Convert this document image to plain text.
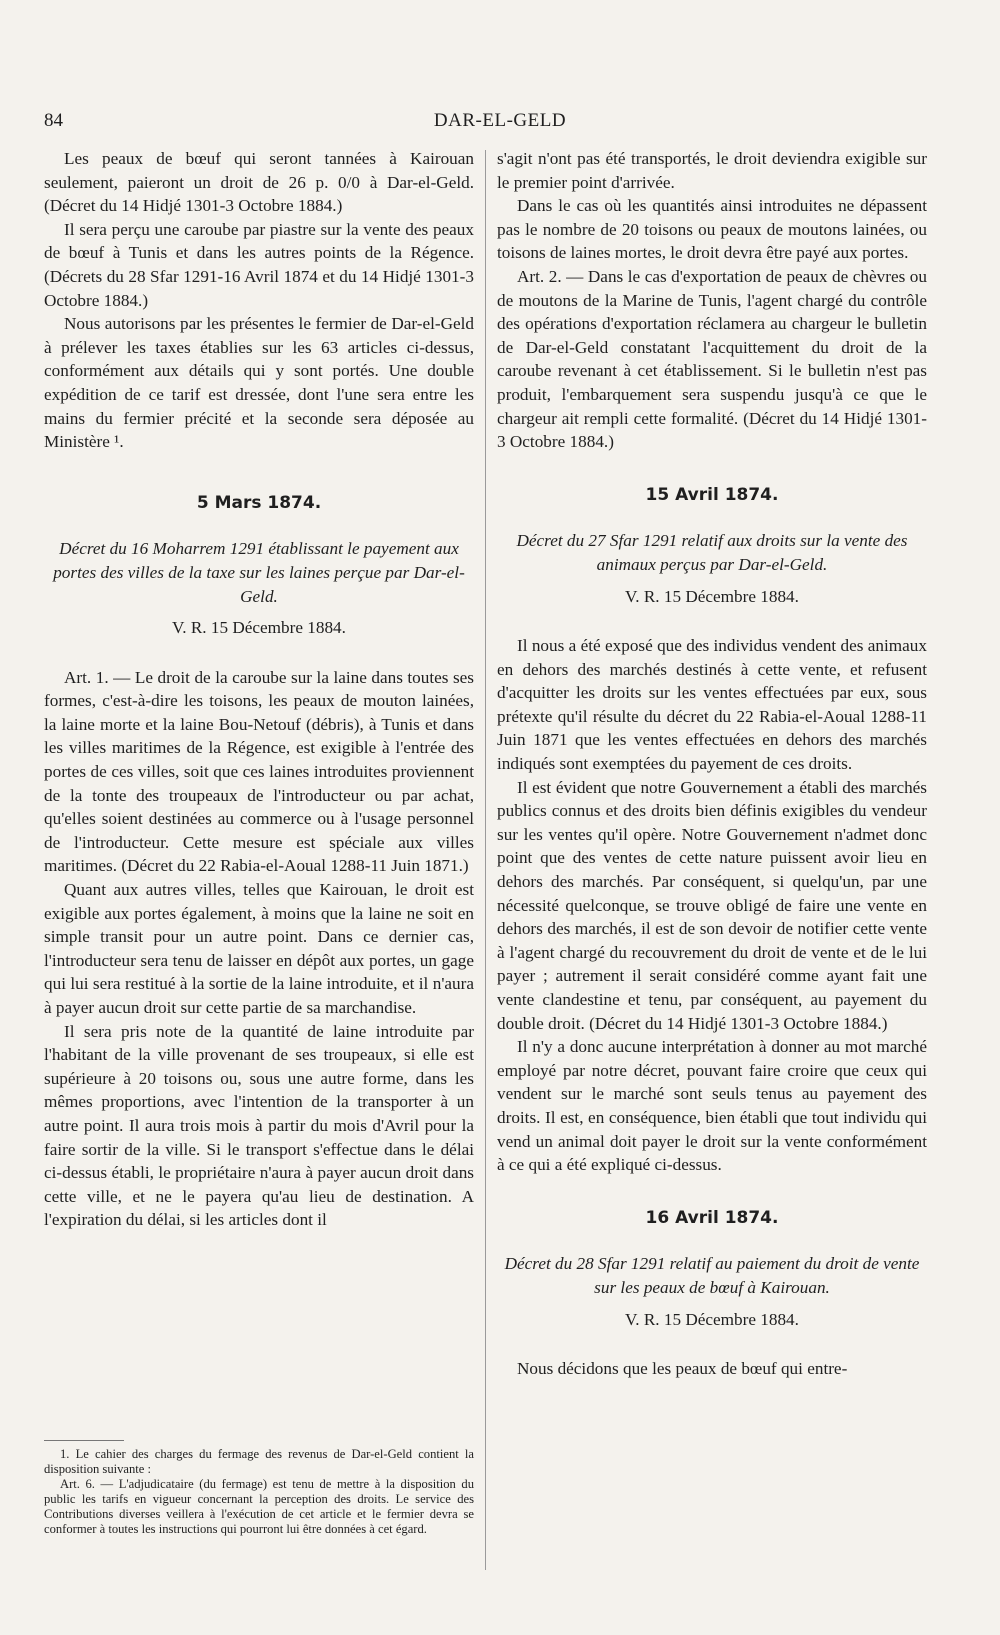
84	DAR-EL-GELD

Les peaux de bœuf qui seront tannées à Kairouan seulement, paieront un droit de 26 p. 0/0 à Dar-el-Geld. (Décret du 14 Hidjé 1301-3 Octobre 1884.)

Il sera perçu une caroube par piastre sur la vente des peaux de bœuf à Tunis et dans les autres points de la Régence. (Décrets du 28 Sfar 1291-16 Avril 1874 et du 14 Hidjé 1301-3 Octobre 1884.)

Nous autorisons par les présentes le fermier de Dar-el-Geld à prélever les taxes établies sur les 63 articles ci-dessus, conformément aux détails qui y sont portés. Une double expédition de ce tarif est dressée, dont l'une sera entre les mains du fermier précité et la seconde sera déposée au Ministère ¹.

5 Mars 1874.

Décret du 16 Moharrem 1291 établissant le payement aux portes des villes de la taxe sur les laines perçue par Dar-el-Geld.

V. R. 15 Décembre 1884.

Art. 1. — Le droit de la caroube sur la laine dans toutes ses formes, c'est-à-dire les toisons, les peaux de mouton lainées, la laine morte et la laine Bou-Netouf (débris), à Tunis et dans les villes maritimes de la Régence, est exigible à l'entrée des portes de ces villes, soit que ces laines introduites proviennent de la tonte des troupeaux de l'introducteur ou par achat, qu'elles soient destinées au commerce ou à l'usage personnel de l'introducteur. Cette mesure est spéciale aux villes maritimes. (Décret du 22 Rabia-el-Aoual 1288-11 Juin 1871.)

Quant aux autres villes, telles que Kairouan, le droit est exigible aux portes également, à moins que la laine ne soit en simple transit pour un autre point. Dans ce dernier cas, l'introducteur sera tenu de laisser en dépôt aux portes, un gage qui lui sera restitué à la sortie de la laine introduite, et il n'aura à payer aucun droit sur cette partie de sa marchandise.

Il sera pris note de la quantité de laine introduite par l'habitant de la ville provenant de ses troupeaux, si elle est supérieure à 20 toisons ou, sous une autre forme, dans les mêmes proportions, avec l'intention de la transporter à un autre point. Il aura trois mois à partir du mois d'Avril pour la faire sortir de la ville. Si le transport s'effectue dans le délai ci-dessus établi, le propriétaire n'aura à payer aucun droit dans cette ville, et ne le payera qu'au lieu de destination. A l'expiration du délai, si les articles dont il

1. Le cahier des charges du fermage des revenus de Dar-el-Geld contient la disposition suivante :

Art. 6. — L'adjudicataire (du fermage) est tenu de mettre à la disposition du public les tarifs en vigueur concernant la perception des droits. Le service des Contributions diverses veillera à l'exécution de cet article et le fermier devra se conformer à toutes les instructions qui pourront lui être données à cet égard.

s'agit n'ont pas été transportés, le droit deviendra exigible sur le premier point d'arrivée.

Dans le cas où les quantités ainsi introduites ne dépassent pas le nombre de 20 toisons ou peaux de moutons lainées, ou toisons de laines mortes, le droit devra être payé aux portes.

Art. 2. — Dans le cas d'exportation de peaux de chèvres ou de moutons de la Marine de Tunis, l'agent chargé du contrôle des opérations d'exportation réclamera au chargeur le bulletin de Dar-el-Geld constatant l'acquittement du droit de la caroube revenant à cet établissement. Si le bulletin n'est pas produit, l'embarquement sera suspendu jusqu'à ce que le chargeur ait rempli cette formalité. (Décret du 14 Hidjé 1301-3 Octobre 1884.)

15 Avril 1874.

Décret du 27 Sfar 1291 relatif aux droits sur la vente des animaux perçus par Dar-el-Geld.

V. R. 15 Décembre 1884.

Il nous a été exposé que des individus vendent des animaux en dehors des marchés destinés à cette vente, et refusent d'acquitter les droits sur les ventes effectuées par eux, sous prétexte qu'il résulte du décret du 22 Rabia-el-Aoual 1288-11 Juin 1871 que les ventes effectuées en dehors des marchés indiqués sont exemptées du payement de ces droits.

Il est évident que notre Gouvernement a établi des marchés publics connus et des droits bien définis exigibles du vendeur sur les ventes qu'il opère. Notre Gouvernement n'admet donc point que des ventes de cette nature puissent avoir lieu en dehors des marchés. Par conséquent, si quelqu'un, par une nécessité quelconque, se trouve obligé de faire une vente en dehors des marchés, il est de son devoir de notifier cette vente à l'agent chargé du recouvrement du droit de vente et de le lui payer ; autrement il serait considéré comme ayant fait une vente clandestine et tenu, par conséquent, au payement du double droit. (Décret du 14 Hidjé 1301-3 Octobre 1884.)

Il n'y a donc aucune interprétation à donner au mot marché employé par notre décret, pouvant faire croire que ceux qui vendent sur le marché sont seuls tenus au payement des droits. Il est, en conséquence, bien établi que tout individu qui vend un animal doit payer le droit sur la vente conformément à ce qui a été expliqué ci-dessus.

16 Avril 1874.

Décret du 28 Sfar 1291 relatif au paiement du droit de vente sur les peaux de bœuf à Kairouan.

V. R. 15 Décembre 1884.

Nous décidons que les peaux de bœuf qui entre-
